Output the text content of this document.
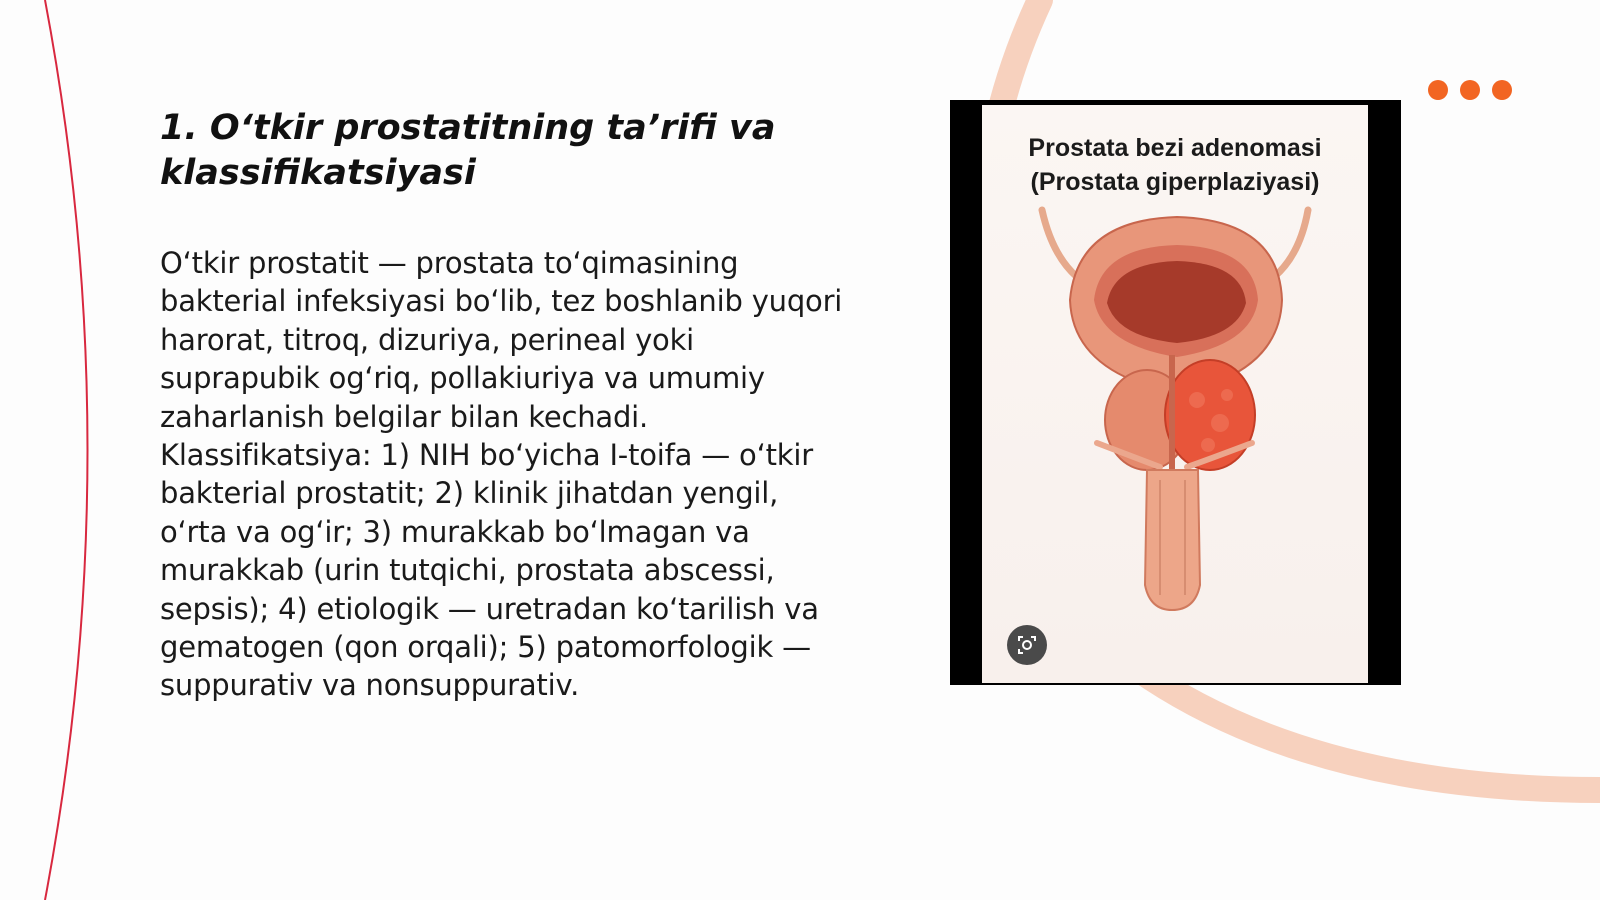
1. O‘tkir prostatitning ta’rifi va klassifikatsiyasi

O‘tkir prostatit — prostata to‘qimasining bakterial infeksiyasi bo‘lib, tez boshlanib yuqori harorat, titroq, dizuriya, perineal yoki suprapubik og‘riq, pollakiuriya va umumiy zaharlanish belgilar bilan kechadi. Klassifikatsiya: 1) NIH bo‘yicha I-toifa — o‘tkir bakterial prostatit; 2) klinik jihatdan yengil, o‘rta va og‘ir; 3) murakkab bo‘lmagan va murakkab (urin tutqichi, prostata abscessi, sepsis); 4) etiologik — uretradan ko‘tarilish va gematogen (qon orqali); 5) patomorfologik — suppurativ va nonsuppurativ.

Prostata bezi adenomasi
(Prostata giperplaziyasi)
